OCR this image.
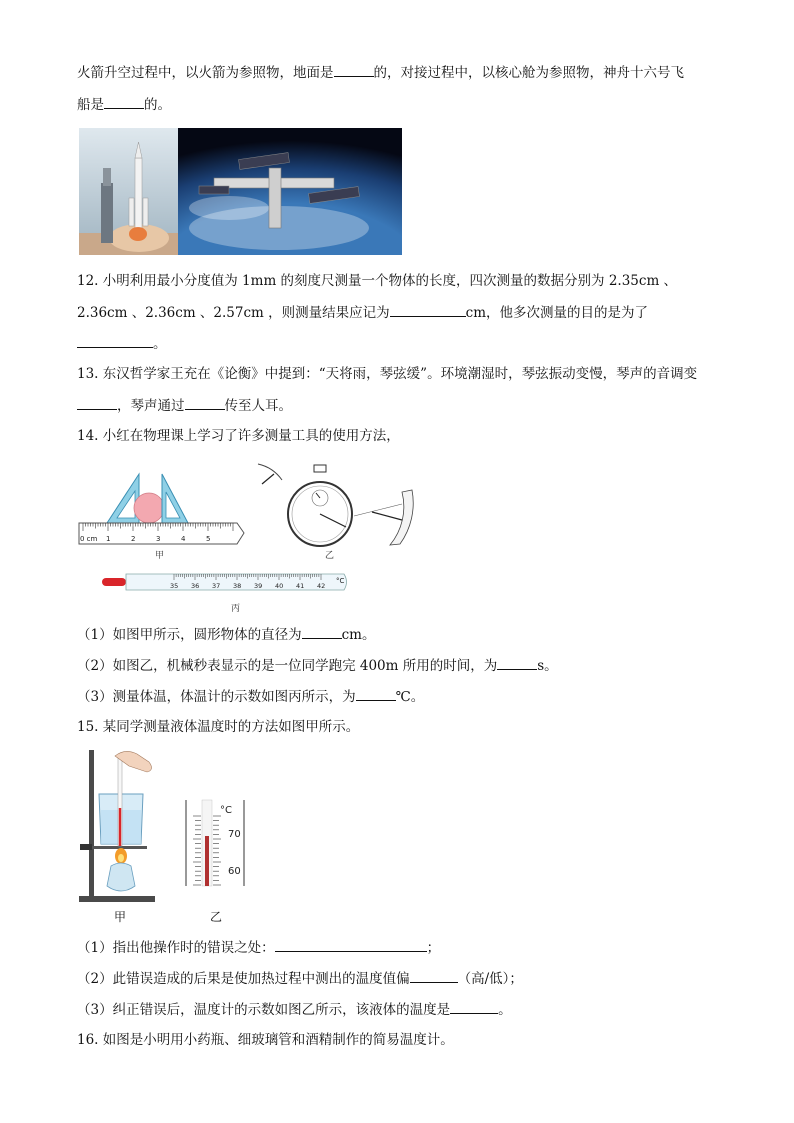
火箭升空过程中，以火箭为参照物，地面是	的，对接过程中，以核心舱为参照物，神舟十六号飞
船是	的。
12. 小明利用最小分度值为 1mm 的刻度尺测量一个物体的长度，四次测量的数据分别为 2.35cm 、
2.36cm 、2.36cm 、2.57cm ，则测量结果应记为	cm，他多次测量的目的是为了
。
13. 东汉哲学家王充在《论衡》中提到：“天将雨，琴弦缓”。环境潮湿时，琴弦振动变慢，琴声的音调变
，琴声通过	传至人耳。
14. 小红在物理课上学习了许多测量工具的使用方法，
0 cm 1	2	3	4	5
甲	乙
35 36 37 38 39 40 41 42
°C
丙
（1）如图甲所示，圆形物体的直径为	cm。
（2）如图乙，机械秒表显示的是一位同学跑完 400m 所用的时间，为	s。
（3）测量体温，体温计的示数如图丙所示，为	℃。
15. 某同学测量液体温度时的方法如图甲所示。
甲
°C
70
60
乙
（1）指出他操作时的错误之处：	；
（2）此错误造成的后果是使加热过程中测出的温度值偏	（高/低）；
（3）纠正错误后，温度计的示数如图乙所示，该液体的温度是	。
16. 如图是小明用小药瓶、细玻璃管和酒精制作的简易温度计。
